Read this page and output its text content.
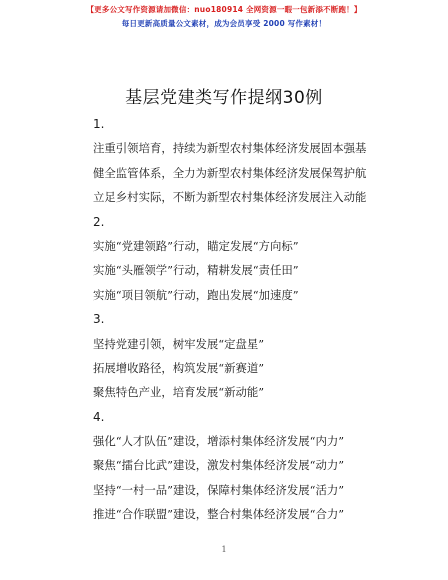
【更多公文写作资源请加微信：nuo180914 全网资源一暇一包新添不断跑！】
每日更新高质量公文素材，成为会员享受 2000 写作素材！
基层党建类写作提纲30例
1.
注重引领培育，持续为新型农村集体经济发展固本强基
健全监管体系，全力为新型农村集体经济发展保驾护航
立足乡村实际，不断为新型农村集体经济发展注入动能
2.
实施“党建领路”行动，瞄定发展“方向标”
实施“头雁领学”行动，精耕发展“责任田”
实施“项目领航”行动，跑出发展“加速度”
3.
坚持党建引领，树牢发展“定盘星”
拓展增收路径，构筑发展“新赛道”
聚焦特色产业，培育发展“新动能”
4.
强化“人才队伍”建设，增添村集体经济发展“内力”
聚焦“擂台比武”建设，激发村集体经济发展“动力”
坚持“一村一品”建设，保障村集体经济发展“活力”
推进“合作联盟”建设，整合村集体经济发展“合力”
1
